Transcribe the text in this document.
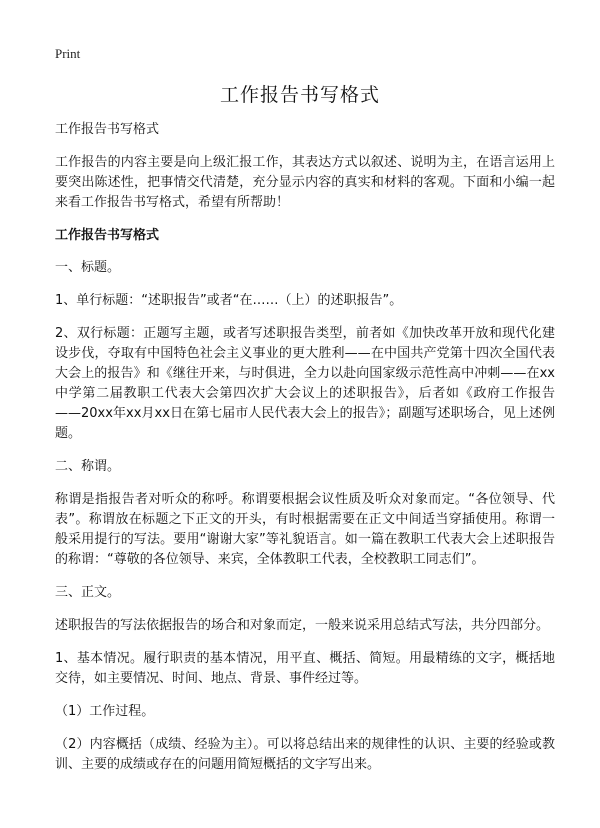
Print
工作报告书写格式

工作报告书写格式

工作报告的内容主要是向上级汇报工作，其表达方式以叙述、说明为主，在语言运用上要突出陈述性，把事情交代清楚，充分显示内容的真实和材料的客观。下面和小编一起来看工作报告书写格式，希望有所帮助！

工作报告书写格式

一、标题。

1、单行标题：“述职报告”或者“在……（上）的述职报告”。

2、双行标题：正题写主题，或者写述职报告类型，前者如《加快改革开放和现代化建设步伐，夺取有中国特色社会主义事业的更大胜利——在中国共产党第十四次全国代表大会上的报告》和《继往开来，与时俱进，全力以赴向国家级示范性高中冲刺——在xx中学第二届教职工代表大会第四次扩大会议上的述职报告》，后者如《政府工作报告——20xx年xx月xx日在第七届市人民代表大会上的报告》；副题写述职场合，见上述例题。

二、称谓。

称谓是指报告者对听众的称呼。称谓要根据会议性质及听众对象而定。“各位领导、代表”。称谓放在标题之下正文的开头，有时根据需要在正文中间适当穿插使用。称谓一般采用提行的写法。要用“谢谢大家”等礼貌语言。如一篇在教职工代表大会上述职报告的称谓：“尊敬的各位领导、来宾，全体教职工代表，全校教职工同志们”。

三、正文。

述职报告的写法依据报告的场合和对象而定，一般来说采用总结式写法，共分四部分。

1、基本情况。履行职责的基本情况，用平直、概括、简短。用最精练的文字，概括地交待，如主要情况、时间、地点、背景、事件经过等。

（1）工作过程。

（2）内容概括（成绩、经验为主）。可以将总结出来的规律性的认识、主要的经验或教训、主要的成绩或存在的问题用简短概括的文字写出来。
